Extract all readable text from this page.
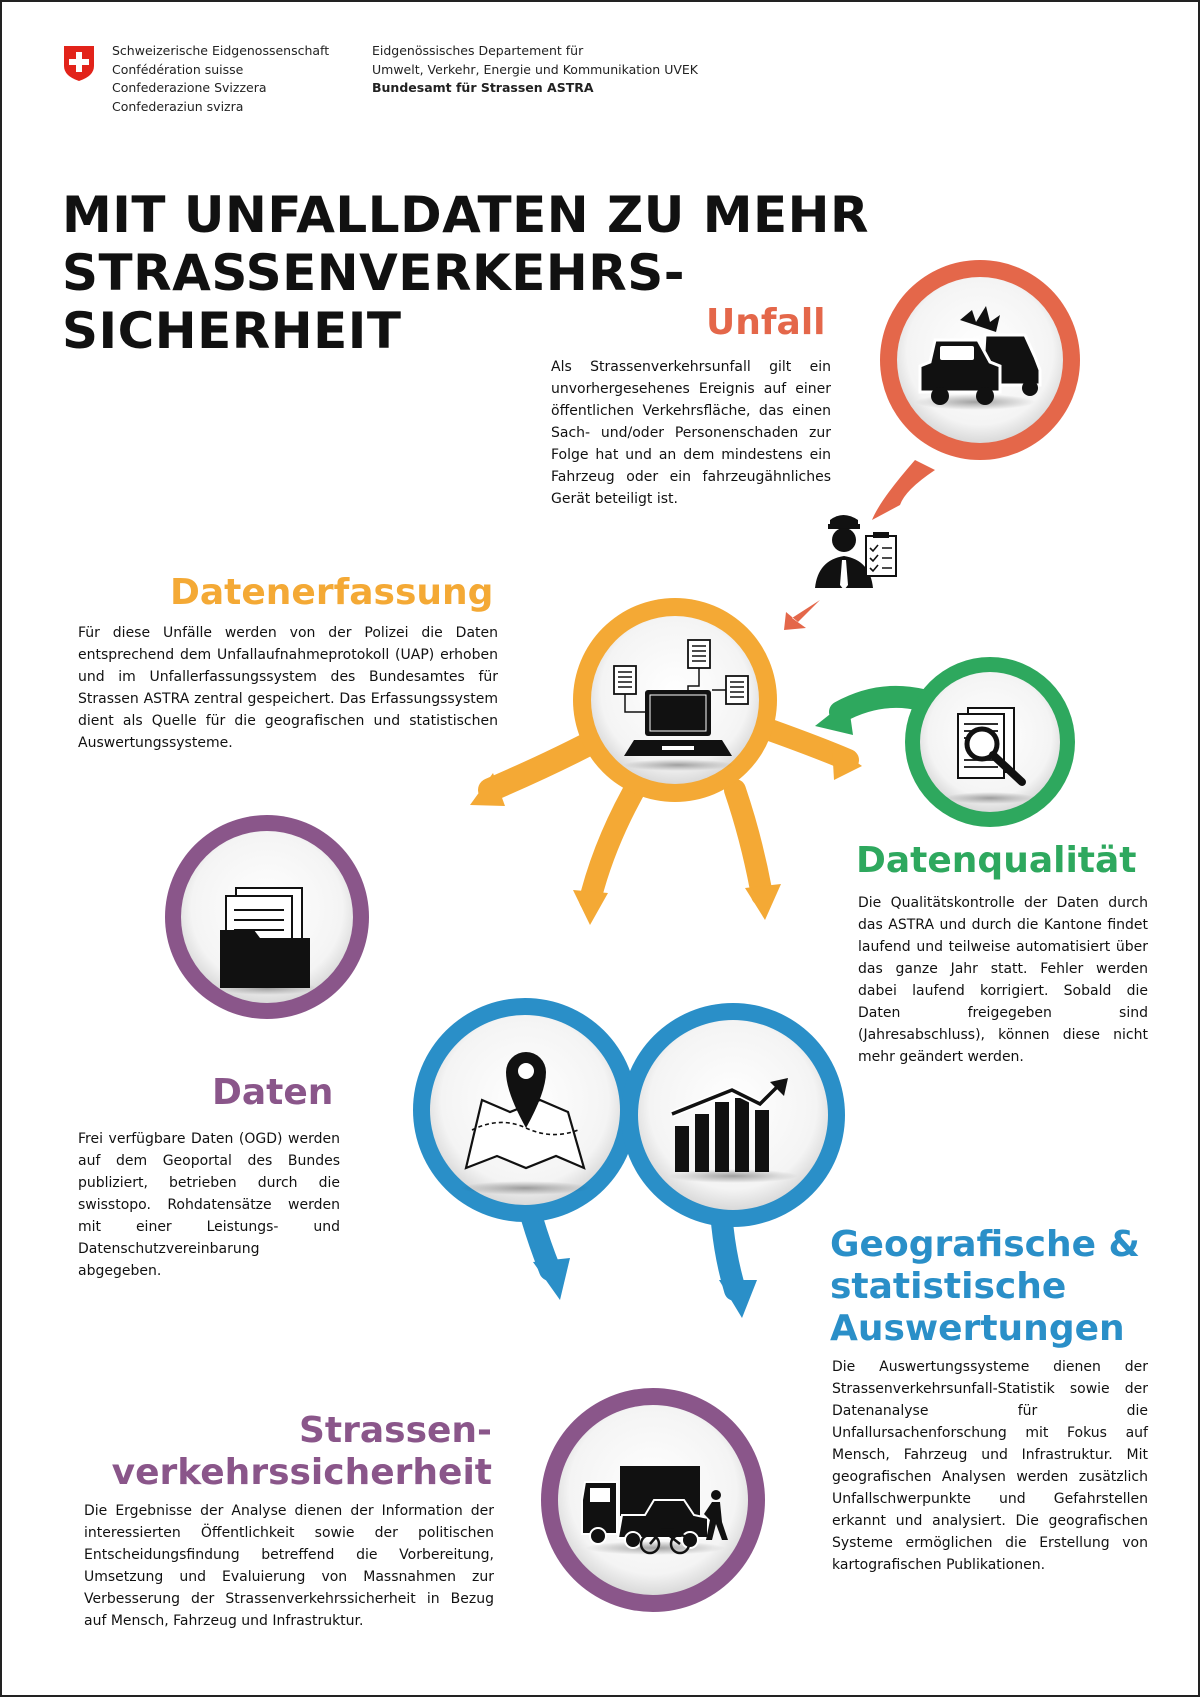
Schweizerische Eidgenossenschaft
Confédération suisse
Confederazione Svizzera
Confederaziun svizra
Eidgenössisches Departement für
Umwelt, Verkehr, Energie und Kommunikation UVEK
Bundesamt für Strassen ASTRA
MIT UNFALLDATEN ZU MEHR
STRASSENVERKEHRS-
SICHERHEIT	Unfall
Als Strassenverkehrsunfall gilt ein unvorhergesehenes Ereignis auf einer öffentlichen Verkehrsfläche, das einen Sach- und/oder Personenschaden zur Folge hat und an dem mindestens ein Fahrzeug oder ein fahrzeugähnliches Gerät beteiligt ist.
Datenerfassung
Für diese Unfälle werden von der Polizei die Daten entsprechend dem Unfallaufnahmeprotokoll (UAP) erhoben und im Unfallerfassungssystem des Bundesamtes für Strassen ASTRA zentral gespeichert. Das Erfassungssystem dient als Quelle für die geografischen und statistischen Auswertungssysteme.
Datenqualität
Die Qualitätskontrolle der Daten durch das ASTRA und durch die Kantone findet laufend und teilweise automatisiert über das ganze Jahr statt. Fehler werden dabei laufend korrigiert. Sobald die Daten freigegeben sind (Jahresabschluss), können diese nicht mehr geändert werden.
Daten
Frei verfügbare Daten (OGD) werden auf dem Geoportal des Bundes publiziert, betrieben durch die swisstopo. Rohdatensätze werden mit einer Leistungs- und Datenschutzvereinbarung abgegeben.
Geografische &
statistische
Auswertungen
Die Auswertungssysteme dienen der Strassenverkehrsunfall-Statistik sowie der Datenanalyse für die Unfallursachenforschung mit Fokus auf Mensch, Fahrzeug und Infrastruktur. Mit geografischen Analysen werden zusätzlich Unfallschwerpunkte und Gefahrstellen erkannt und analysiert. Die geografischen Systeme ermöglichen die Erstellung von kartografischen Publikationen.
Strassen-
verkehrssicherheit
Die Ergebnisse der Analyse dienen der Information der interessierten Öffentlichkeit sowie der politischen Entscheidungsfindung betreffend die Vorbereitung, Umsetzung und Evaluierung von Massnahmen zur Verbesserung der Strassenverkehrssicherheit in Bezug auf Mensch, Fahrzeug und Infrastruktur.
